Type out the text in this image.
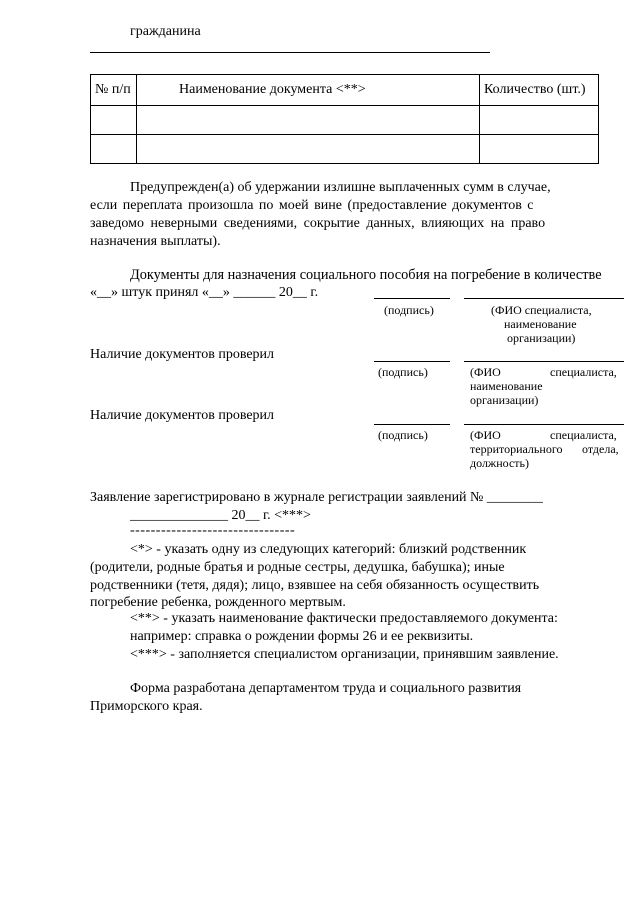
гражданина
№ п/п	Наименование документа <**>	Количество (шт.)

Предупрежден(а) об удержании излишне выплаченных сумм в случае,
если переплата произошла по моей вине (предоставление документов с
заведомо неверными сведениями, сокрытие данных, влияющих на право
назначения выплаты).
Документы для назначения социального пособия на погребение в количестве
«__» штук принял «__» ______ 20__ г.
(подпись)	(ФИО специалиста,
наименование
организации)
Наличие документов проверил
(подпись)	(ФИО	специалиста,
наименование
организации)
Наличие документов проверил
(подпись)	(ФИО	специалиста,
территориального отдела,
должность)
Заявление зарегистрировано в журнале регистрации заявлений № ________
______________ 20__ г. <***>
--------------------------------
<*> - указать одну из следующих категорий: близкий родственник
(родители, родные братья и родные сестры, дедушка, бабушка); иные
родственники (тетя, дядя); лицо, взявшее на себя обязанность осуществить
погребение ребенка, рожденного мертвым.
<**> - указать наименование фактически предоставляемого документа:
например: справка о рождении формы 26 и ее реквизиты.
<***> - заполняется специалистом организации, принявшим заявление.
Форма разработана департаментом труда и социального развития
Приморского края.
